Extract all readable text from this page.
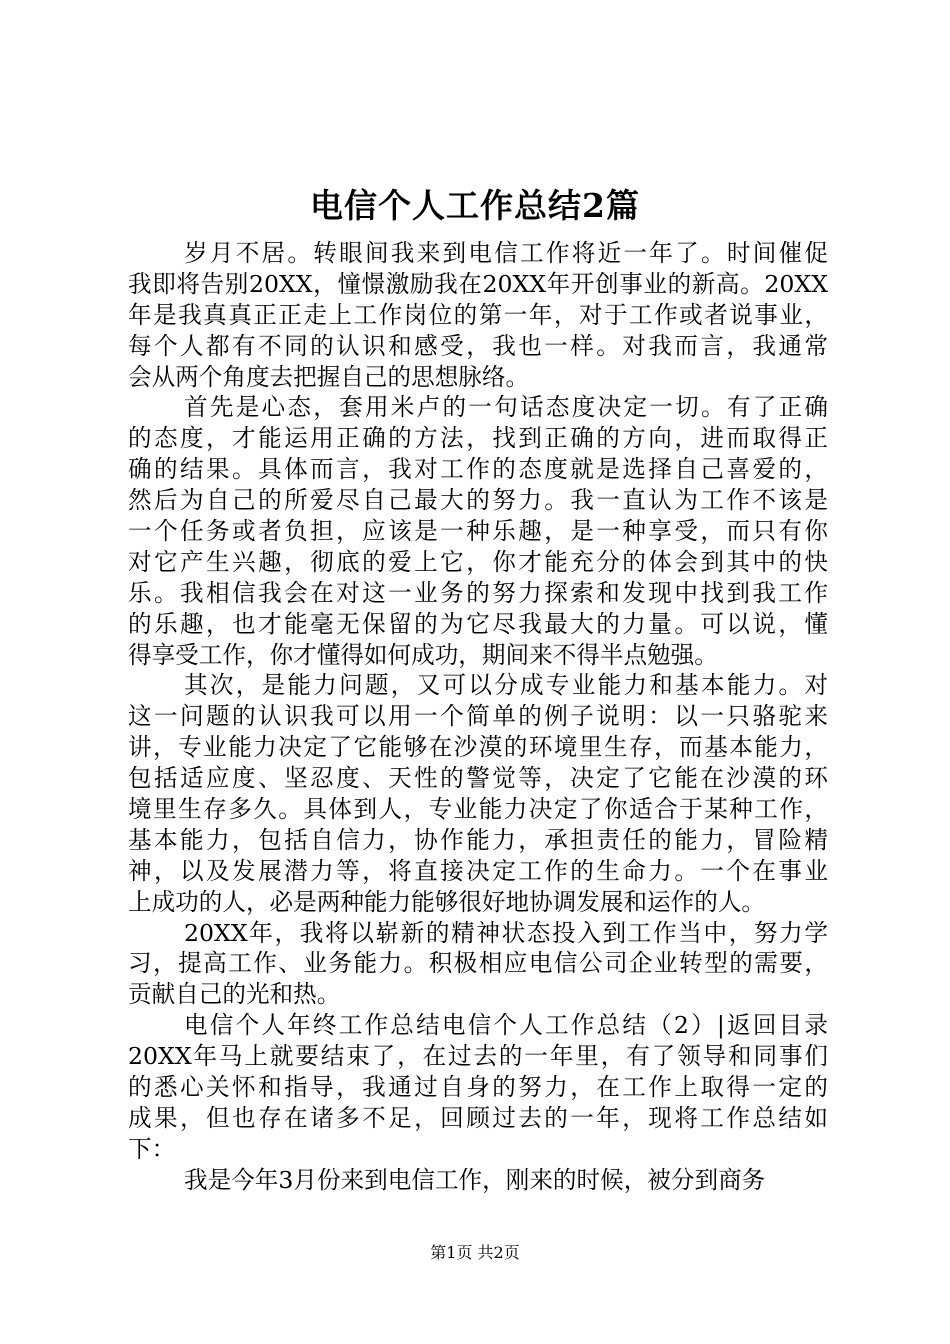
电信个人工作总结2篇
岁月不居。转眼间我来到电信工作将近一年了。时间催促
我即将告别20XX，憧憬激励我在20XX年开创事业的新高。20XX
年是我真真正正走上工作岗位的第一年，对于工作或者说事业，
每个人都有不同的认识和感受，我也一样。对我而言，我通常
会从两个角度去把握自己的思想脉络。
首先是心态，套用米卢的一句话态度决定一切。有了正确
的态度，才能运用正确的方法，找到正确的方向，进而取得正
确的结果。具体而言，我对工作的态度就是选择自己喜爱的，
然后为自己的所爱尽自己最大的努力。我一直认为工作不该是
一个任务或者负担，应该是一种乐趣，是一种享受，而只有你
对它产生兴趣，彻底的爱上它，你才能充分的体会到其中的快
乐。我相信我会在对这一业务的努力探索和发现中找到我工作
的乐趣，也才能毫无保留的为它尽我最大的力量。可以说，懂
得享受工作，你才懂得如何成功，期间来不得半点勉强。
其次，是能力问题，又可以分成专业能力和基本能力。对
这一问题的认识我可以用一个简单的例子说明：以一只骆驼来
讲，专业能力决定了它能够在沙漠的环境里生存，而基本能力，
包括适应度、坚忍度、天性的警觉等，决定了它能在沙漠的环
境里生存多久。具体到人，专业能力决定了你适合于某种工作，
基本能力，包括自信力，协作能力，承担责任的能力，冒险精
神，以及发展潜力等，将直接决定工作的生命力。一个在事业
上成功的人，必是两种能力能够很好地协调发展和运作的人。
20XX年，我将以崭新的精神状态投入到工作当中，努力学
习，提高工作、业务能力。积极相应电信公司企业转型的需要，
贡献自己的光和热。
电信个人年终工作总结电信个人工作总结（2）|返回目录
20XX年马上就要结束了，在过去的一年里，有了领导和同事们
的悉心关怀和指导，我通过自身的努力，在工作上取得一定的
成果，但也存在诸多不足，回顾过去的一年，现将工作总结如
下：
我是今年3月份来到电信工作，刚来的时候，被分到商务
第1页 共2页
